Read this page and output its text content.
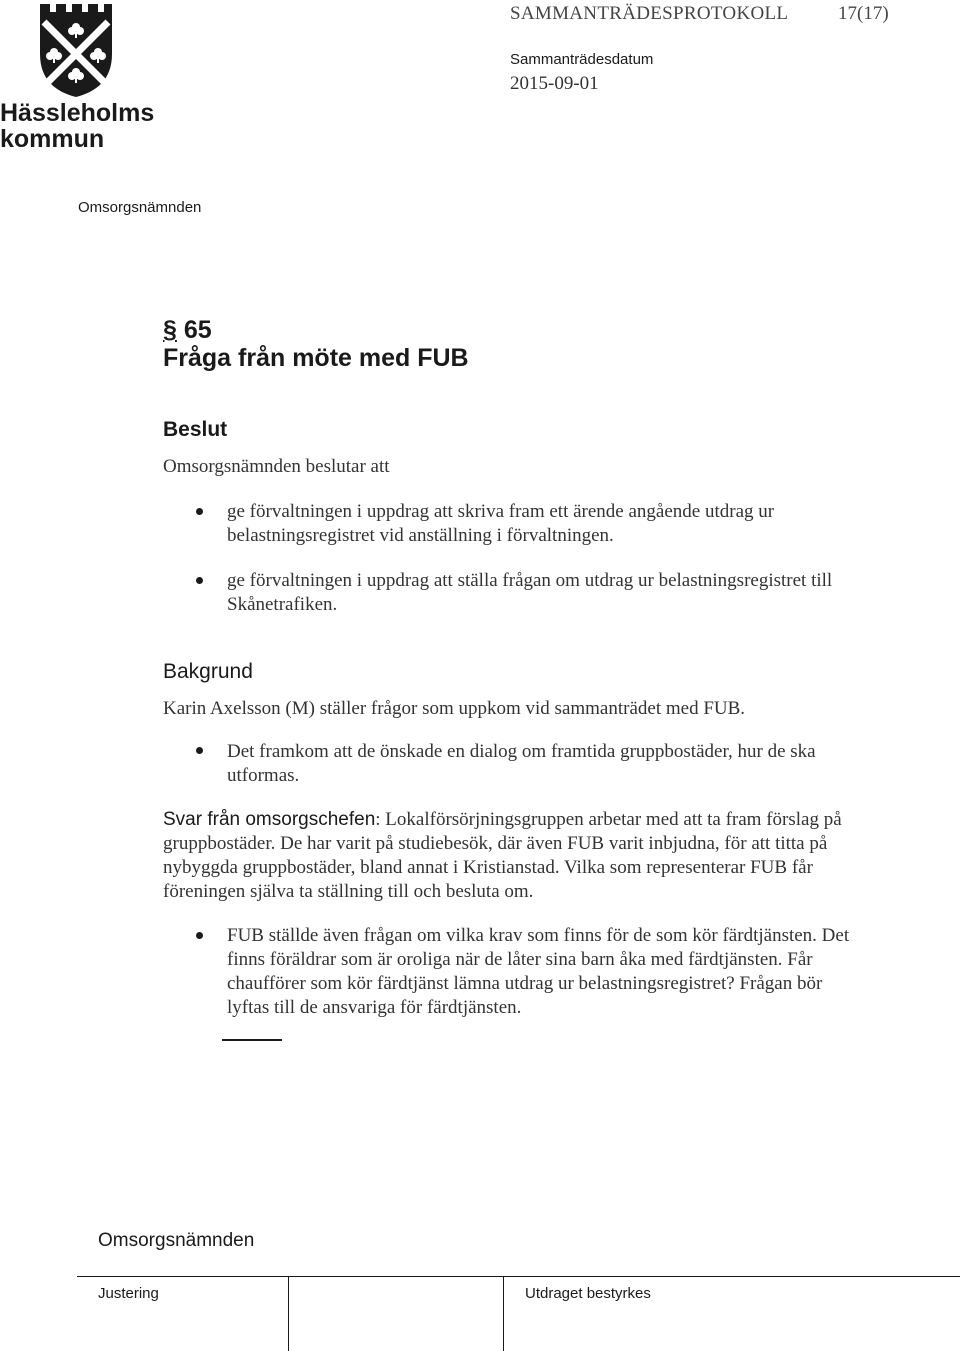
Hässleholms
kommun
SAMMANTRÄDESPROTOKOLL	17(17)
Sammanträdesdatum
2015-09-01
Omsorgsnämnden
§ 65
Fråga från möte med FUB
Beslut
Omsorgsnämnden beslutar att
ge förvaltningen i uppdrag att skriva fram ett ärende angående utdrag ur belastningsregistret vid anställning i förvaltningen.
ge förvaltningen i uppdrag att ställa frågan om utdrag ur belastningsregistret till Skånetrafiken.
Bakgrund
Karin Axelsson (M) ställer frågor som uppkom vid sammanträdet med FUB.
Det framkom att de önskade en dialog om framtida gruppbostäder, hur de ska utformas.
Svar från omsorgschefen: Lokalförsörjningsgruppen arbetar med att ta fram förslag på gruppbostäder. De har varit på studiebesök, där även FUB varit inbjudna, för att titta på nybyggda gruppbostäder, bland annat i Kristianstad. Vilka som representerar FUB får föreningen själva ta ställning till och besluta om.
FUB ställde även frågan om vilka krav som finns för de som kör färdtjänsten. Det finns föräldrar som är oroliga när de låter sina barn åka med färdtjänsten. Får chaufförer som kör färdtjänst lämna utdrag ur belastningsregistret? Frågan bör lyftas till de ansvariga för färdtjänsten.
Omsorgsnämnden
Justering	Utdraget bestyrkes
